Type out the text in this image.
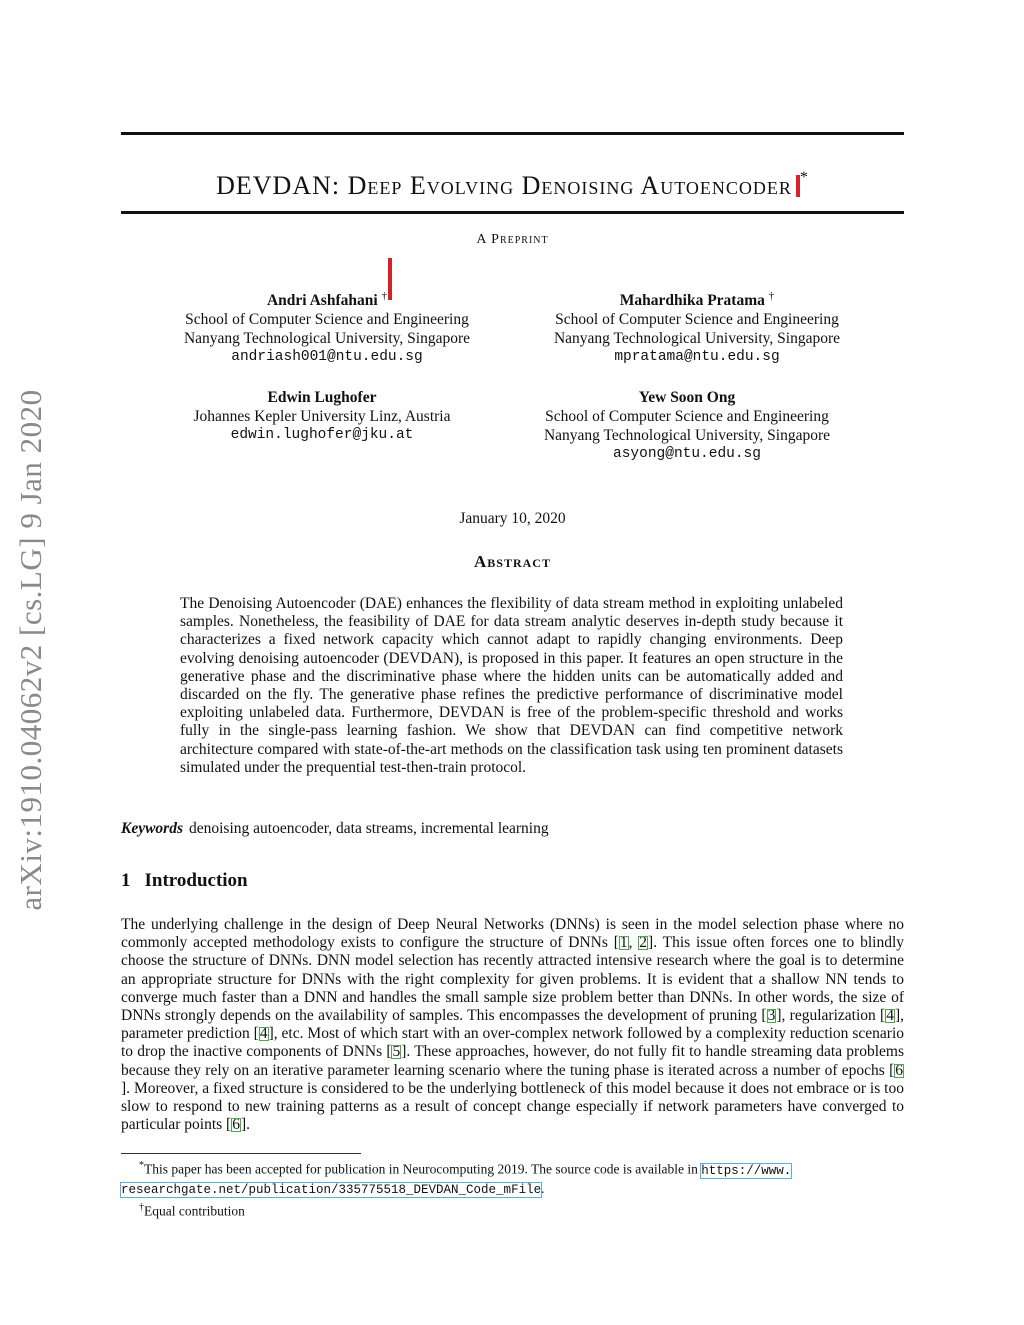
arXiv:1910.04062v2 [cs.LG] 9 Jan 2020
DEVDAN: Deep Evolving Denoising Autoencoder *
A Preprint
Andri Ashfahani †
School of Computer Science and Engineering
Nanyang Technological University, Singapore
andriash001@ntu.edu.sg
Mahardhika Pratama †
School of Computer Science and Engineering
Nanyang Technological University, Singapore
mpratama@ntu.edu.sg
Edwin Lughofer
Johannes Kepler University Linz, Austria
edwin.lughofer@jku.at
Yew Soon Ong
School of Computer Science and Engineering
Nanyang Technological University, Singapore
asyong@ntu.edu.sg
January 10, 2020
Abstract
The Denoising Autoencoder (DAE) enhances the flexibility of data stream method in exploiting unlabeled samples. Nonetheless, the feasibility of DAE for data stream analytic deserves in-depth study because it characterizes a fixed network capacity which cannot adapt to rapidly changing environments. Deep evolving denoising autoencoder (DEVDAN), is proposed in this paper. It features an open structure in the generative phase and the discriminative phase where the hidden units can be automatically added and discarded on the fly. The generative phase refines the predictive performance of discriminative model exploiting unlabeled data. Furthermore, DEVDAN is free of the problem-specific threshold and works fully in the single-pass learning fashion. We show that DEVDAN can find competitive network architecture compared with state-of-the-art methods on the classification task using ten prominent datasets simulated under the prequential test-then-train protocol.
Keywords denoising autoencoder, data streams, incremental learning
1 Introduction
The underlying challenge in the design of Deep Neural Networks (DNNs) is seen in the model selection phase where no commonly accepted methodology exists to configure the structure of DNNs [1, 2]. This issue often forces one to blindly choose the structure of DNNs. DNN model selection has recently attracted intensive research where the goal is to determine an appropriate structure for DNNs with the right complexity for given problems. It is evident that a shallow NN tends to converge much faster than a DNN and handles the small sample size problem better than DNNs. In other words, the size of DNNs strongly depends on the availability of samples. This encompasses the development of pruning [3], regularization [4], parameter prediction [4], etc. Most of which start with an over-complex network followed by a complexity reduction scenario to drop the inactive components of DNNs [5]. These approaches, however, do not fully fit to handle streaming data problems because they rely on an iterative parameter learning scenario where the tuning phase is iterated across a number of epochs [6]. Moreover, a fixed structure is considered to be the underlying bottleneck of this model because it does not embrace or is too slow to respond to new training patterns as a result of concept change especially if network parameters have converged to particular points [6].
*This paper has been accepted for publication in Neurocomputing 2019. The source code is available in https://www.
researchgate.net/publication/335775518_DEVDAN_Code_mFile.
†Equal contribution
